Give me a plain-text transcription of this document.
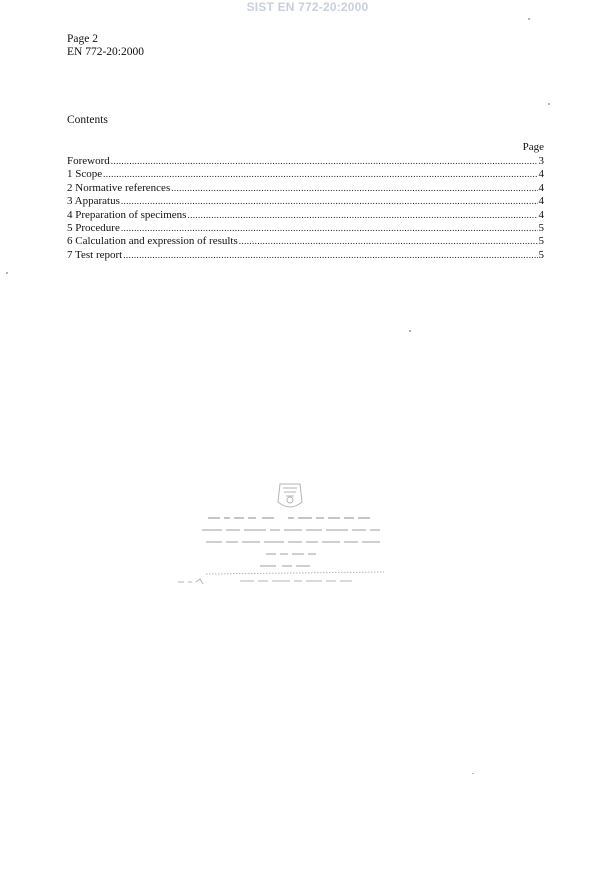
SIST EN 772-20:2000
Page 2
EN 772-20:2000
Contents
Page
Foreword .....	3
1 Scope .....	4
2 Normative references .....	4
3 Apparatus .....	4
4 Preparation of specimens .....	4
5 Procedure .....	5
6 Calculation and expression of results .....	5
7 Test report .....	5
